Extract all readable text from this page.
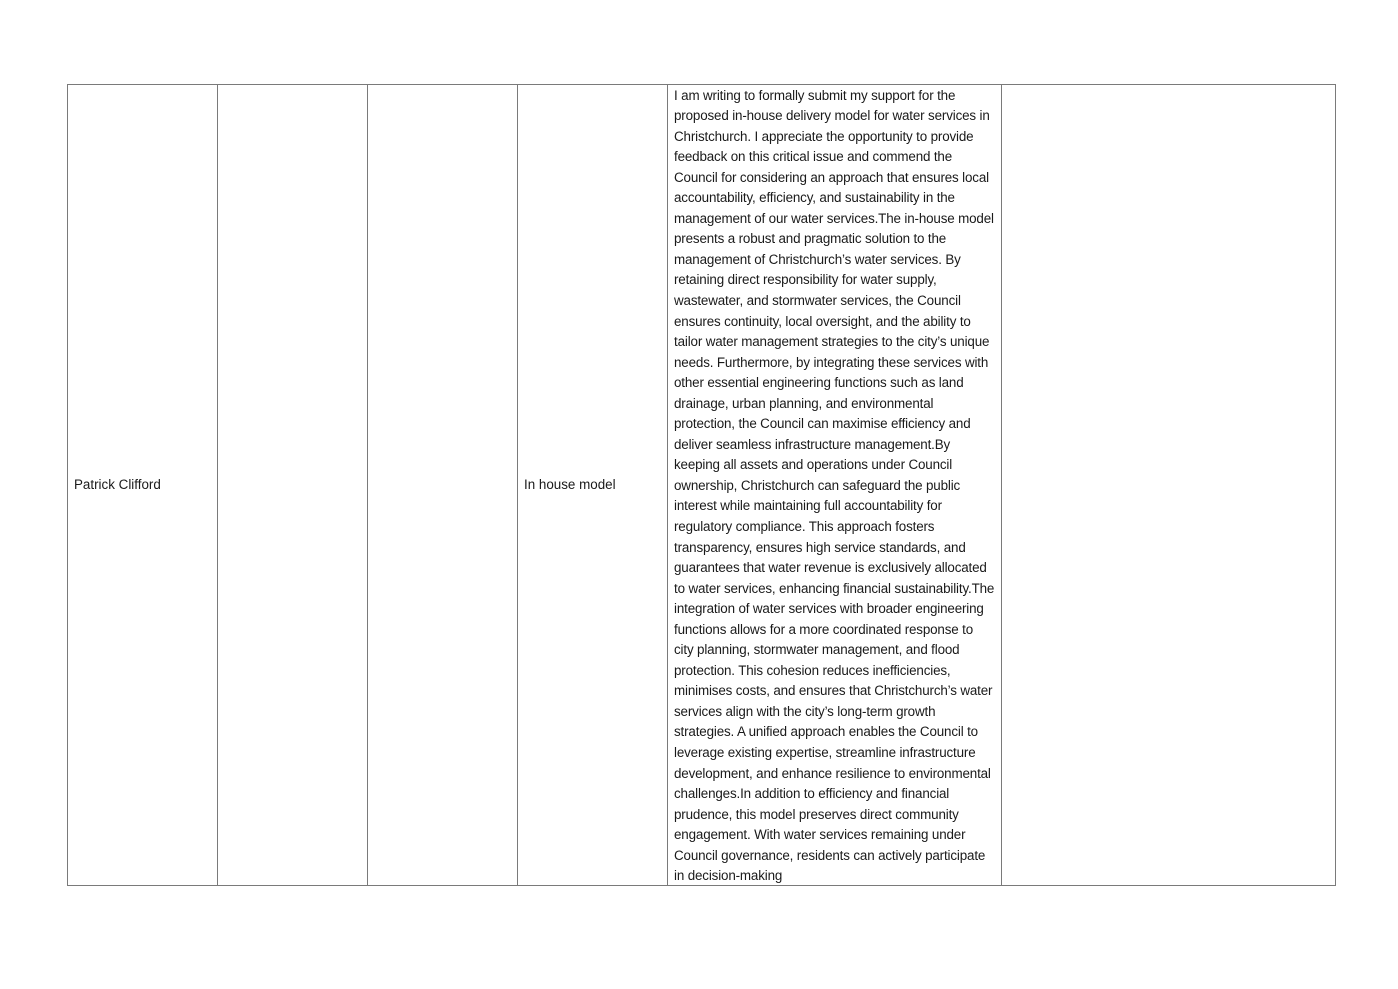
Patrick Clifford			In house model	
I am writing to formally submit my support for the proposed in-house delivery model for water services in Christchurch. I appreciate the opportunity to provide feedback on this critical issue and commend the Council for considering an approach that ensures local accountability, efficiency, and sustainability in the management of our water services.The in-house model presents a robust and pragmatic solution to the management of Christchurch’s water services. By retaining direct responsibility for water supply, wastewater, and stormwater services, the Council ensures continuity, local oversight, and the ability to tailor water management strategies to the city’s unique needs. Furthermore, by integrating these services with other essential engineering functions such as land drainage, urban planning, and environmental protection, the Council can maximise efficiency and deliver seamless infrastructure management.By keeping all assets and operations under Council ownership, Christchurch can safeguard the public interest while maintaining full accountability for regulatory compliance. This approach fosters transparency, ensures high service standards, and guarantees that water revenue is exclusively allocated to water services, enhancing financial sustainability.The integration of water services with broader engineering functions allows for a more coordinated response to city planning, stormwater management, and flood protection. This cohesion reduces inefficiencies, minimises costs, and ensures that Christchurch’s water services align with the city’s long-term growth strategies. A unified approach enables the Council to leverage existing expertise, streamline infrastructure development, and enhance resilience to environmental challenges.In addition to efficiency and financial prudence, this model preserves direct community engagement. With water services remaining under Council governance, residents can actively participate in decision-making
